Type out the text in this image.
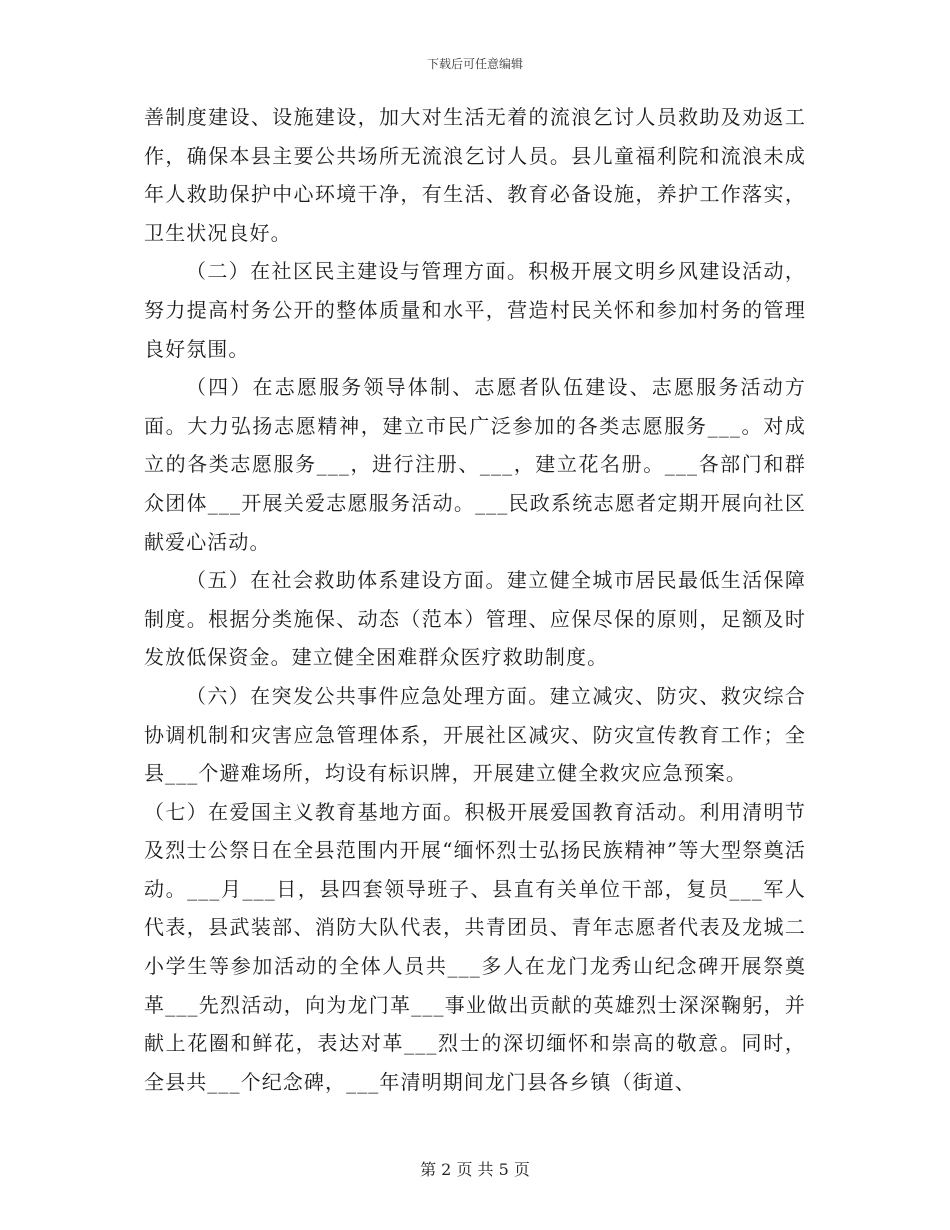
下载后可任意编辑

善制度建设、设施建设，加大对生活无着的流浪乞讨人员救助及劝返工作，确保本县主要公共场所无流浪乞讨人员。县儿童福利院和流浪未成年人救助保护中心环境干净，有生活、教育必备设施，养护工作落实，卫生状况良好。

（二）在社区民主建设与管理方面。积极开展文明乡风建设活动，努力提高村务公开的整体质量和水平，营造村民关怀和参加村务的管理良好氛围。

（四）在志愿服务领导体制、志愿者队伍建设、志愿服务活动方面。大力弘扬志愿精神，建立市民广泛参加的各类志愿服务___。对成立的各类志愿服务___，进行注册、___，建立花名册。___各部门和群众团体___开展关爱志愿服务活动。___民政系统志愿者定期开展向社区献爱心活动。

（五）在社会救助体系建设方面。建立健全城市居民最低生活保障制度。根据分类施保、动态（范本）管理、应保尽保的原则，足额及时发放低保资金。建立健全困难群众医疗救助制度。

（六）在突发公共事件应急处理方面。建立减灾、防灾、救灾综合协调机制和灾害应急管理体系，开展社区减灾、防灾宣传教育工作；全县___个避难场所，均设有标识牌，开展建立健全救灾应急预案。

（七）在爱国主义教育基地方面。积极开展爱国教育活动。利用清明节及烈士公祭日在全县范围内开展“缅怀烈士弘扬民族精神”等大型祭奠活动。___月___日，县四套领导班子、县直有关单位干部，复员___军人代表，县武装部、消防大队代表，共青团员、青年志愿者代表及龙城二小学生等参加活动的全体人员共___多人在龙门龙秀山纪念碑开展祭奠革___先烈活动，向为龙门革___事业做出贡献的英雄烈士深深鞠躬，并献上花圈和鲜花，表达对革___烈士的深切缅怀和崇高的敬意。同时，全县共___个纪念碑，___年清明期间龙门县各乡镇（街道、

第 2 页 共 5 页
